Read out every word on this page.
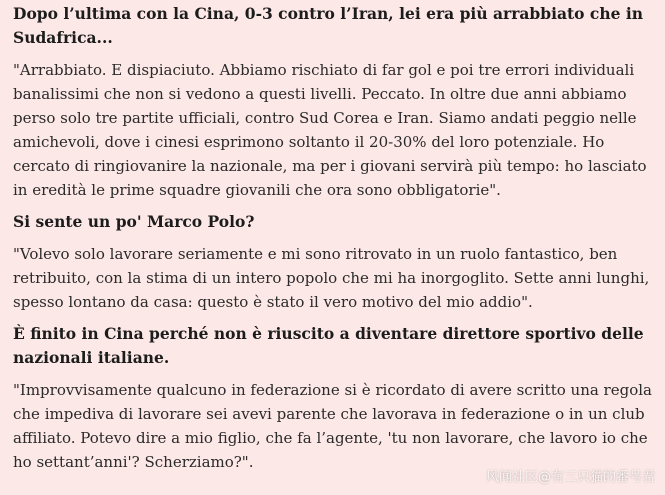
Dopo l’ultima con la Cina, 0-3 contro l’Iran, lei era più arrabbiato che in Sudafrica...

"Arrabbiato. E dispiaciuto. Abbiamo rischiato di far gol e poi tre errori individuali banalissimi che non si vedono a questi livelli. Peccato. In oltre due anni abbiamo perso solo tre partite ufficiali, contro Sud Corea e Iran. Siamo andati peggio nelle amichevoli, dove i cinesi esprimono soltanto il 20-30% del loro potenziale. Ho cercato di ringiovanire la nazionale, ma per i giovani servirà più tempo: ho lasciato in eredità le prime squadre giovanili che ora sono obbligatorie".

Si sente un po' Marco Polo?

"Volevo solo lavorare seriamente e mi sono ritrovato in un ruolo fantastico, ben retribuito, con la stima di un intero popolo che mi ha inorgoglito. Sette anni lunghi, spesso lontano da casa: questo è stato il vero motivo del mio addio".

È finito in Cina perché non è riuscito a diventare direttore sportivo delle nazionali italiane.

"Improvvisamente qualcuno in federazione si è ricordato di avere scritto una regola che impediva di lavorare sei avevi parente che lavorava in federazione o in un club affiliato. Potevo dire a mio figlio, che fa l’agente, 'tu non lavorare, che lavoro io che ho settant’anni'? Scherziamo?".

风闻社区@有三只猫的番号君
